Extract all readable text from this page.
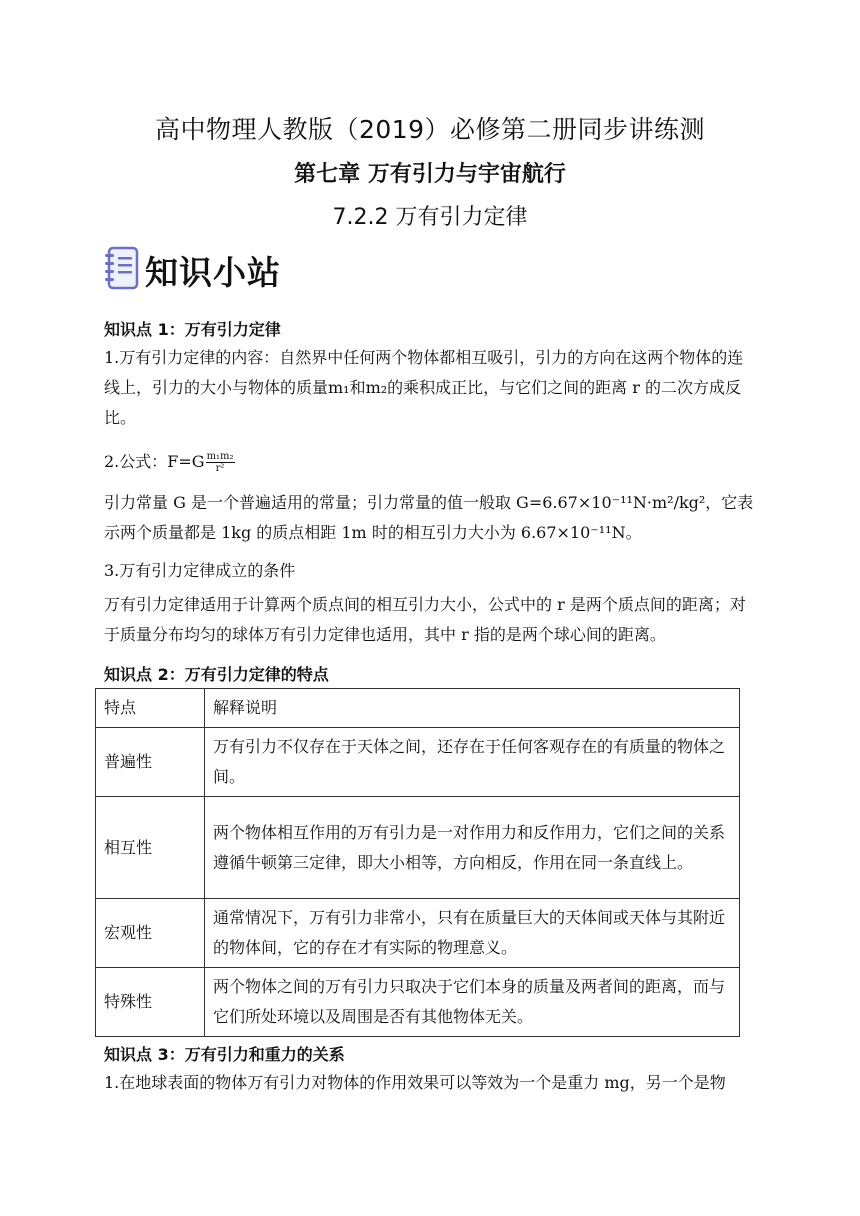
高中物理人教版（2019）必修第二册同步讲练测
第七章 万有引力与宇宙航行
7.2.2 万有引力定律
知识小站
知识点 1：万有引力定律

1.万有引力定律的内容：自然界中任何两个物体都相互吸引，引力的方向在这两个物体的连线上，引力的大小与物体的质量m₁和m₂的乘积成正比，与它们之间的距离 r 的二次方成反比。

2.公式：$F=G \frac{\text{m₁m₂}}{\text{r²}}$

引力常量 G 是一个普遍适用的常量；引力常量的值一般取 G=6.67×10⁻¹¹N·m²/kg²，它表示两个质量都是 1kg 的质点相距 1m 时的相互引力大小为 6.67×10⁻¹¹N。

3.万有引力定律成立的条件

万有引力定律适用于计算两个质点间的相互引力大小，公式中的 r 是两个质点间的距离；对于质量分布均匀的球体万有引力定律也适用，其中 r 指的是两个球心间的距离。

知识点 2：万有引力定律的特点
特点	解释说明
普遍性	万有引力不仅存在于天体之间，还存在于任何客观存在的有质量的物体之间。
相互性	两个物体相互作用的万有引力是一对作用力和反作用力，它们之间的关系遵循牛顿第三定律，即大小相等，方向相反，作用在同一条直线上。
宏观性	通常情况下，万有引力非常小，只有在质量巨大的天体间或天体与其附近的物体间，它的存在才有实际的物理意义。
特殊性	两个物体之间的万有引力只取决于它们本身的质量及两者间的距离，而与它们所处环境以及周围是否有其他物体无关。
知识点 3：万有引力和重力的关系

1.在地球表面的物体万有引力对物体的作用效果可以等效为一个是重力 mg，另一个是物
